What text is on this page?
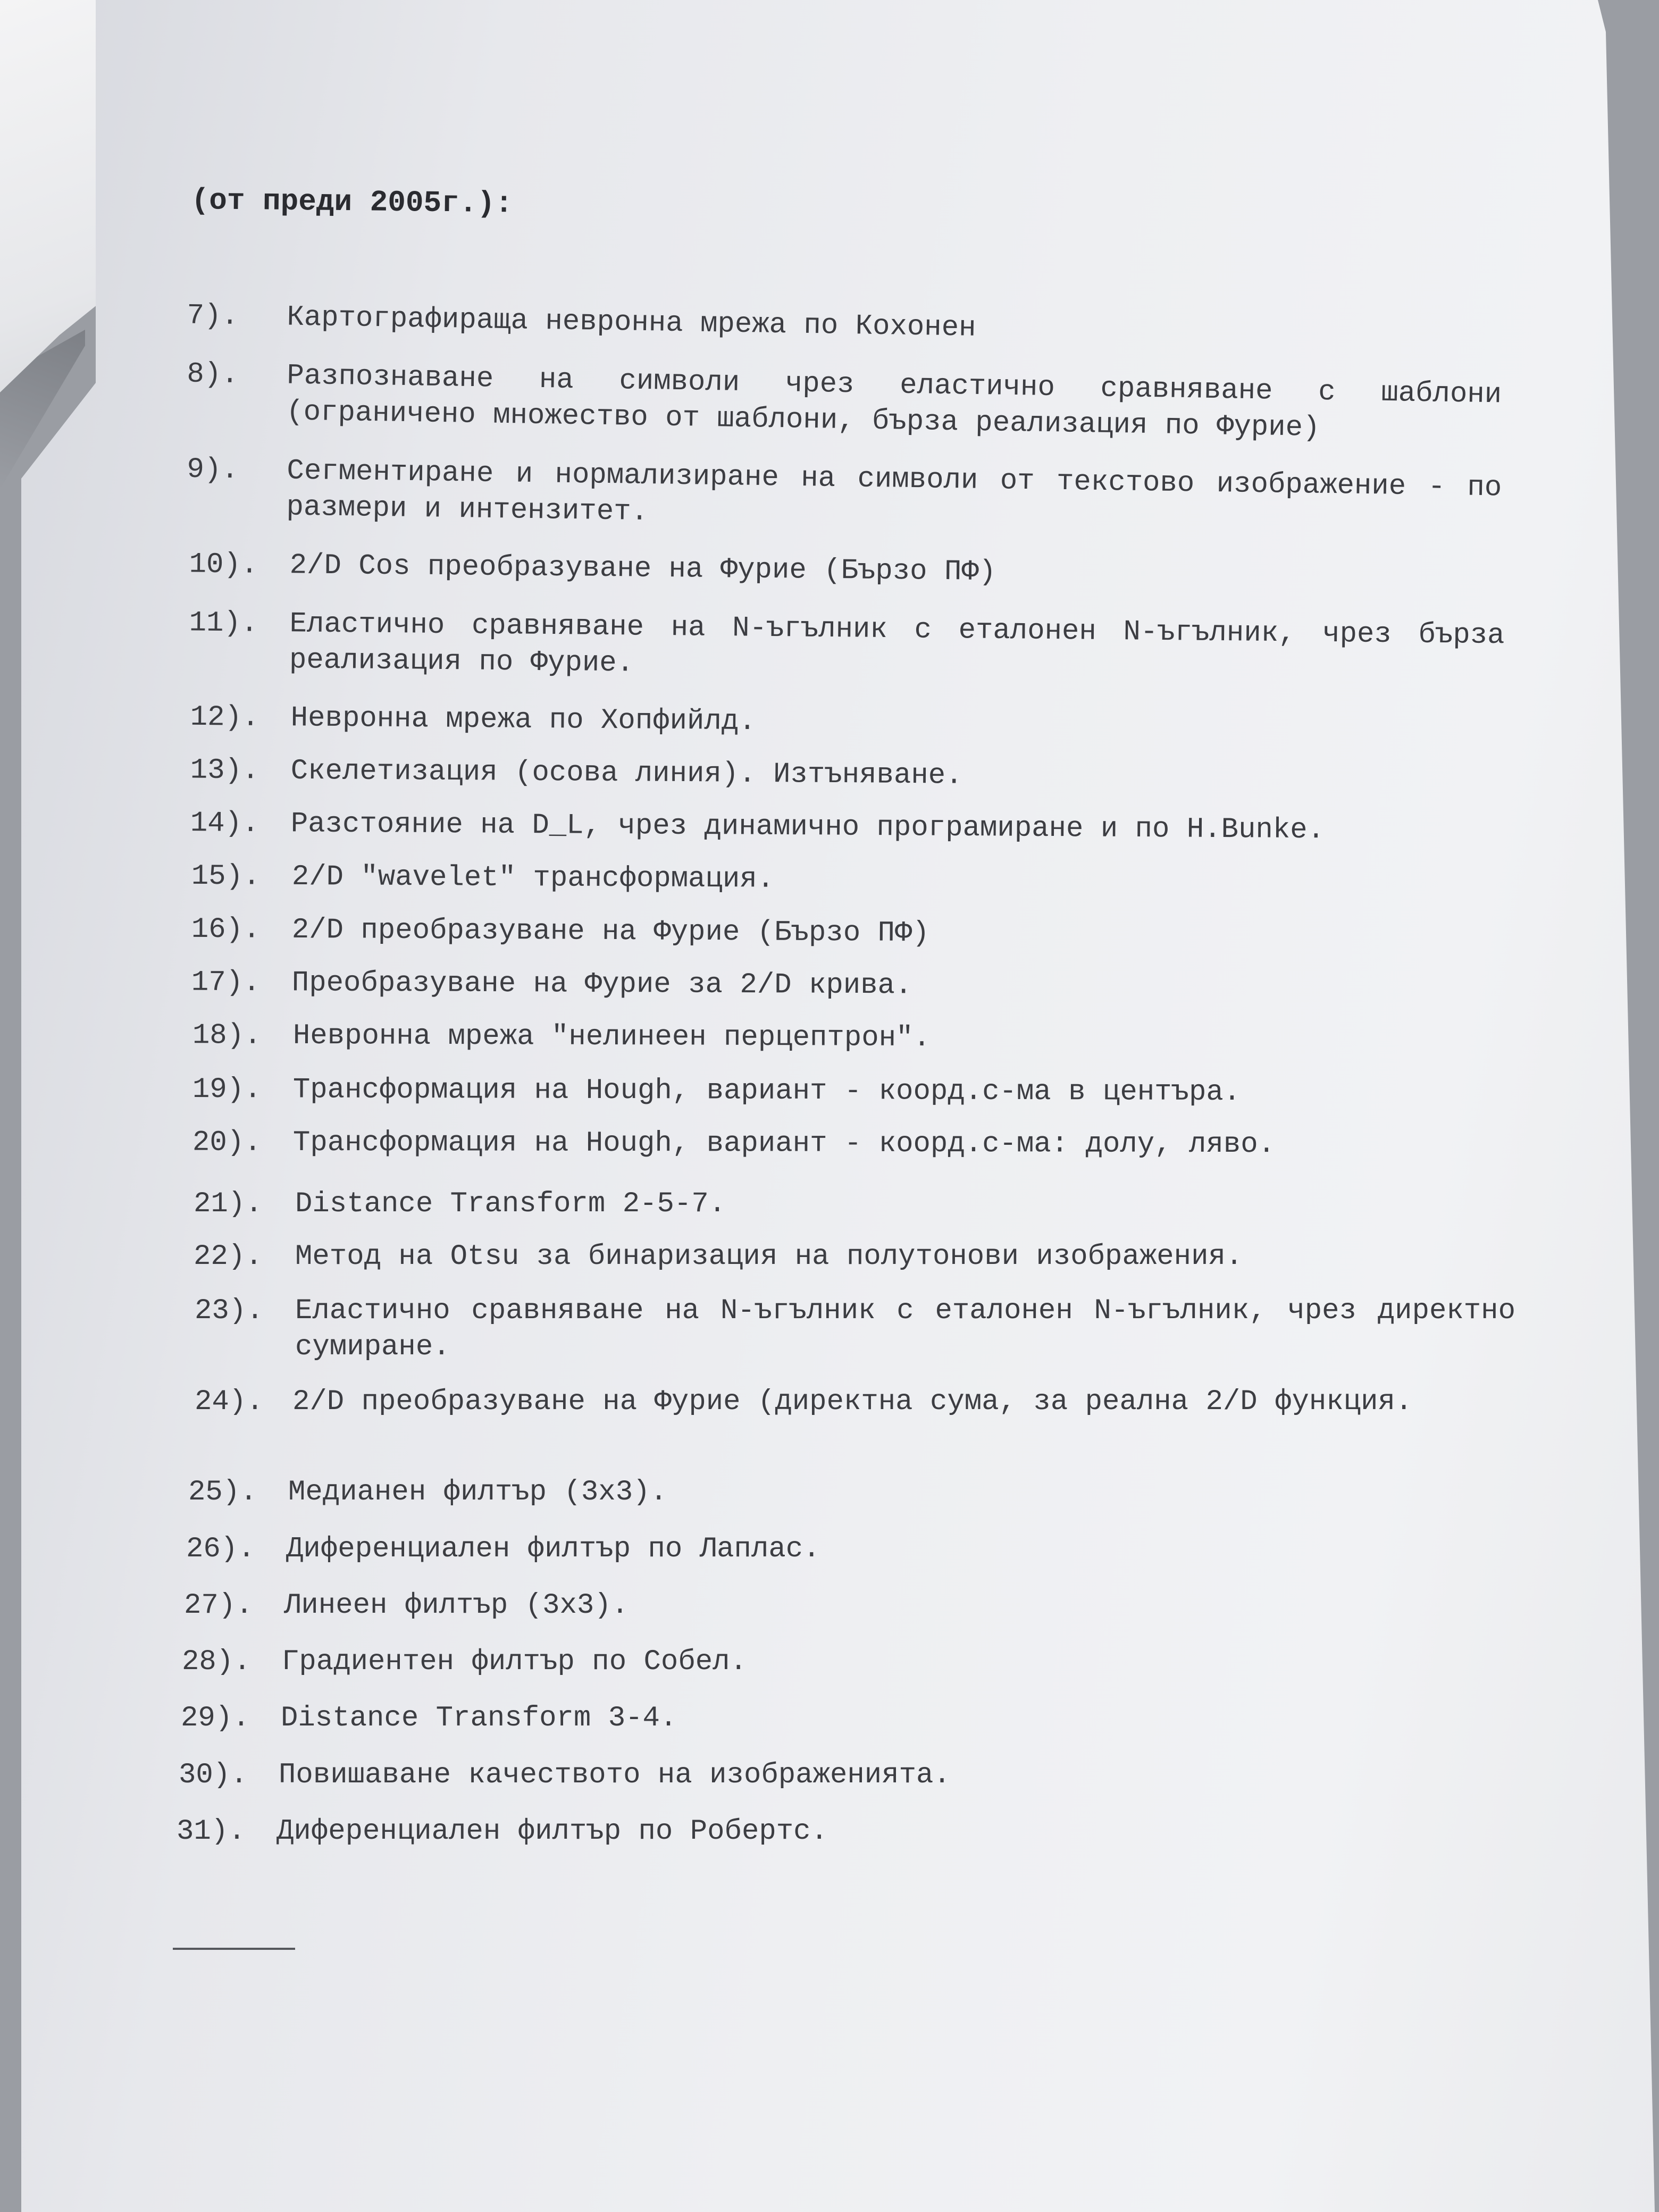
(от преди 2005г.):
7). Картографираща невронна мрежа по Кохонен
8). Разпознаване на символи чрез еластично сравняване с шаблони (ограничено множество от шаблони, бърза реализация по Фурие)
9). Сегментиране и нормализиране на символи от текстово изображение - по размери и интензитет.
10). 2/D Cos преобразуване на Фурие (Бързо ПФ)
11). Еластично сравняване на N-ъгълник с еталонен N-ъгълник, чрез бърза реализация по Фурие.
12). Невронна мрежа по Хопфийлд.
13). Скелетизация (осова линия). Изтъняване.
14). Разстояние на D_L, чрез динамично програмиране и по H.Bunke.
15). 2/D "wavelet" трансформация.
16). 2/D преобразуване на Фурие (Бързо ПФ)
17). Преобразуване на Фурие за 2/D крива.
18). Невронна мрежа "нелинеен перцептрон".
19). Трансформация на Hough, вариант - коорд.с-ма в центъра.
20). Трансформация на Hough, вариант - коорд.с-ма: долу, ляво.
21). Distance Transform 2-5-7.
22). Метод на Otsu за бинаризация на полутонови изображения.
23). Еластично сравняване на N-ъгълник с еталонен N-ъгълник, чрез директно сумиране.
24). 2/D преобразуване на Фурие (директна сума, за реална 2/D функция.
25). Медианен филтър (3x3).
26). Диференциален филтър по Лаплас.
27). Линеен филтър (3x3).
28). Градиентен филтър по Собел.
29). Distance Transform 3-4.
30). Повишаване качеството на изображенията.
31). Диференциален филтър по Робертс.
